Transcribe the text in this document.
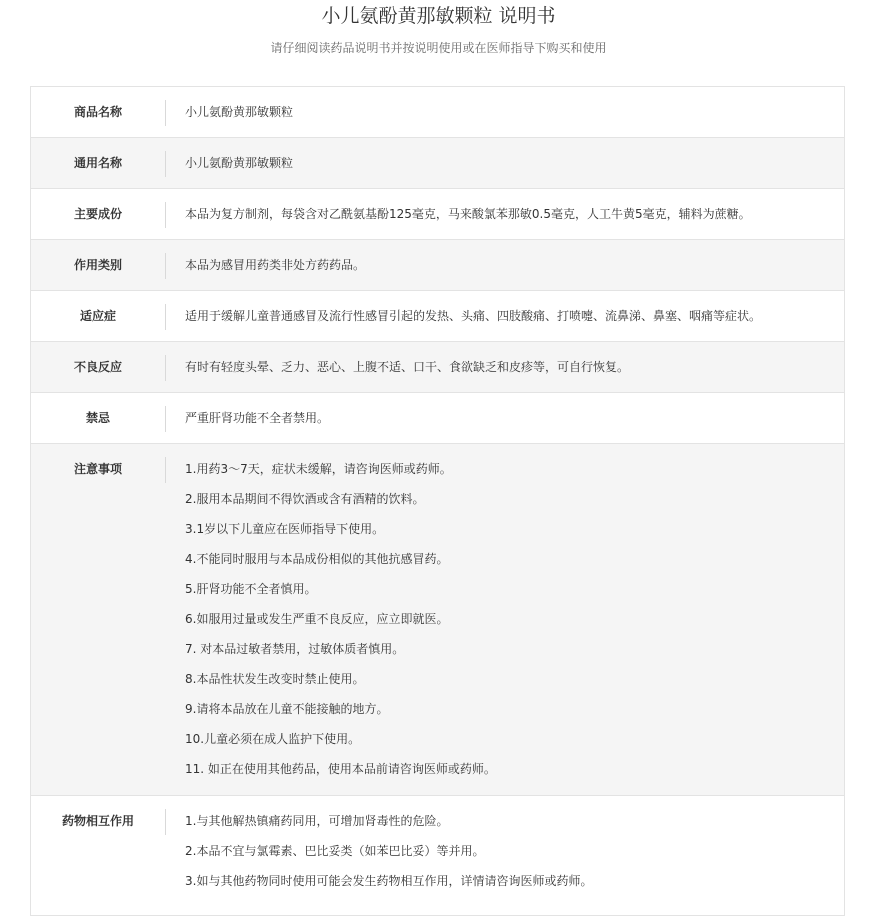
小儿氨酚黄那敏颗粒 说明书
请仔细阅读药品说明书并按说明使用或在医师指导下购买和使用
商品名称	小儿氨酚黄那敏颗粒
通用名称	小儿氨酚黄那敏颗粒
主要成份	本品为复方制剂，每袋含对乙酰氨基酚125毫克，马来酸氯苯那敏0.5毫克，人工牛黄5毫克，辅料为蔗糖。
作用类别	本品为感冒用药类非处方药药品。
适应症	适用于缓解儿童普通感冒及流行性感冒引起的发热、头痛、四肢酸痛、打喷嚏、流鼻涕、鼻塞、咽痛等症状。
不良反应	有时有轻度头晕、乏力、恶心、上腹不适、口干、食欲缺乏和皮疹等，可自行恢复。
禁忌	严重肝肾功能不全者禁用。
注意事项	1.用药3～7天，症状未缓解，请咨询医师或药师。
2.服用本品期间不得饮酒或含有酒精的饮料。
3.1岁以下儿童应在医师指导下使用。
4.不能同时服用与本品成份相似的其他抗感冒药。
5.肝肾功能不全者慎用。
6.如服用过量或发生严重不良反应，应立即就医。
7. 对本品过敏者禁用，过敏体质者慎用。
8.本品性状发生改变时禁止使用。
9.请将本品放在儿童不能接触的地方。
10.儿童必须在成人监护下使用。
11. 如正在使用其他药品，使用本品前请咨询医师或药师。
药物相互作用	1.与其他解热镇痛药同用，可增加肾毒性的危险。
2.本品不宜与氯霉素、巴比妥类（如苯巴比妥）等并用。
3.如与其他药物同时使用可能会发生药物相互作用，详情请咨询医师或药师。
